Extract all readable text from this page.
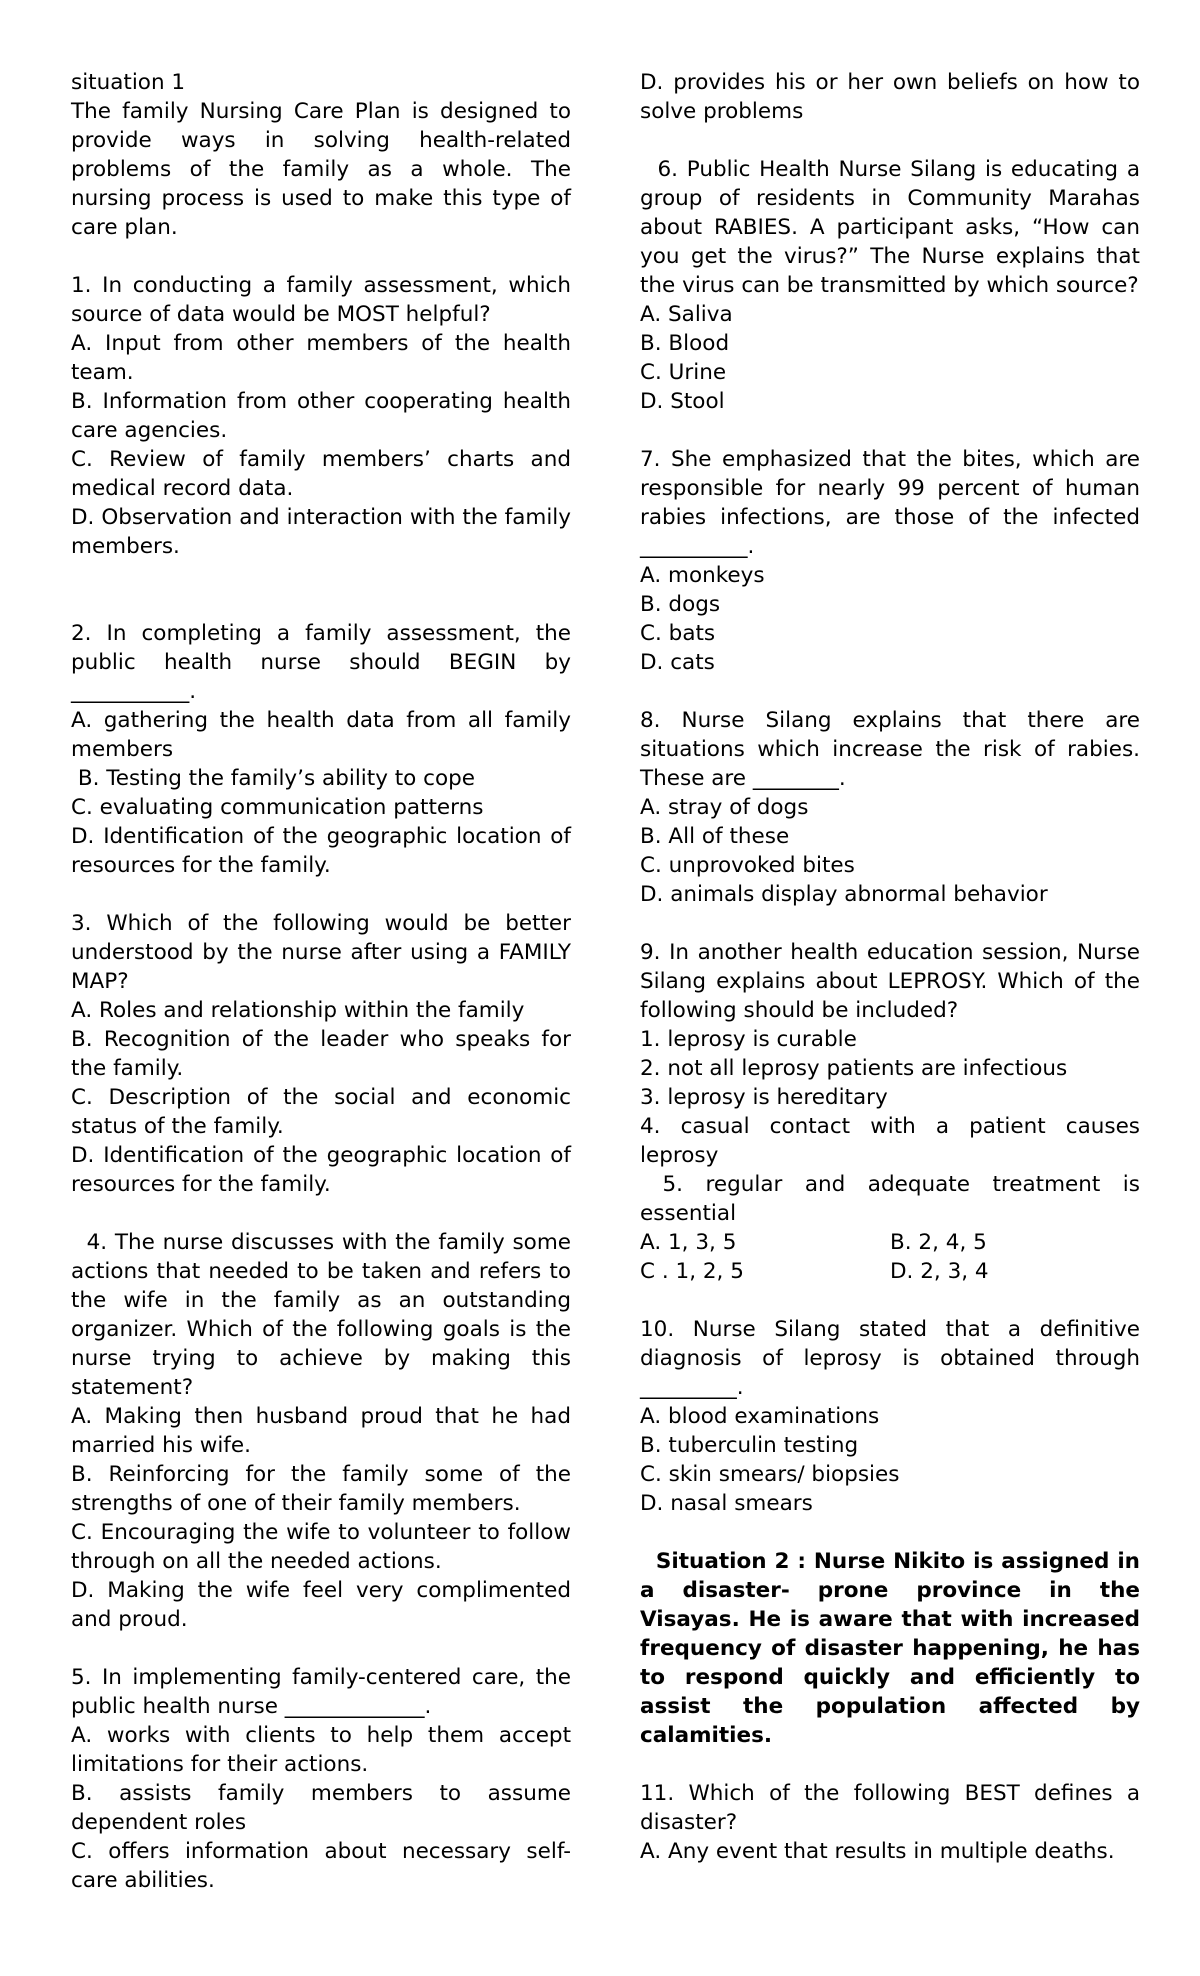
situation 1

The family Nursing Care Plan is designed to provide ways in solving health-related problems of the family as a whole. The nursing process is used to make this type of care plan.

1. In conducting a family assessment, which source of data would be MOST helpful?

A. Input from other members of the health team.

B. Information from other cooperating health care agencies.

C. Review of family members’ charts and medical record data.

D. Observation and interaction with the family members.

2. In completing a family assessment, the public health nurse should BEGIN by ___________.

A. gathering the health data from all family members

B. Testing the family’s ability to cope

C. evaluating communication patterns

D. Identification of the geographic location of resources for the family.

3. Which of the following would be better understood by the nurse after using a FAMILY MAP?

A. Roles and relationship within the family

B. Recognition of the leader who speaks for the family.

C. Description of the social and economic status of the family.

D. Identification of the geographic location of resources for the family.

4. The nurse discusses with the family some actions that needed to be taken and refers to the wife in the family as an outstanding organizer. Which of the following goals is the nurse trying to achieve by making this statement?

A. Making then husband proud that he had married his wife.

B. Reinforcing for the family some of the strengths of one of their family members.

C. Encouraging the wife to volunteer to follow through on all the needed actions.

D. Making the wife feel very complimented and proud.

5. In implementing family-centered care, the public health nurse _____________.

A. works with clients to help them accept limitations for their actions.

B. assists family members to assume dependent roles

C. offers information about necessary self-care abilities.

D. provides his or her own beliefs on how to solve problems

6. Public Health Nurse Silang is educating a group of residents in Community Marahas about RABIES. A participant asks, “How can you get the virus?” The Nurse explains that the virus can be transmitted by which source?

A. Saliva

B. Blood

C. Urine

D. Stool

7. She emphasized that the bites, which are responsible for nearly 99 percent of human rabies infections, are those of the infected __________.

A. monkeys

B. dogs

C. bats

D. cats

8. Nurse Silang explains that there are situations which increase the risk of rabies. These are ________.

A. stray of dogs

B. All of these

C. unprovoked bites

D. animals display abnormal behavior

9. In another health education session, Nurse Silang explains about LEPROSY. Which of the following should be included?

1. leprosy is curable

2. not all leprosy patients are infectious

3. leprosy is hereditary

4. casual contact with a patient causes leprosy

5. regular and adequate treatment is essential

A. 1, 3, 5	B. 2, 4, 5
C . 1, 2, 5	D. 2, 3, 4

10. Nurse Silang stated that a definitive diagnosis of leprosy is obtained through _________.

A. blood examinations

B. tuberculin testing

C. skin smears/ biopsies

D. nasal smears

Situation 2 : Nurse Nikito is assigned in a disaster- prone province in the Visayas. He is aware that with increased frequency of disaster happening, he has to respond quickly and efficiently to assist the population affected by calamities.

11. Which of the following BEST defines a disaster?

A. Any event that results in multiple deaths.
